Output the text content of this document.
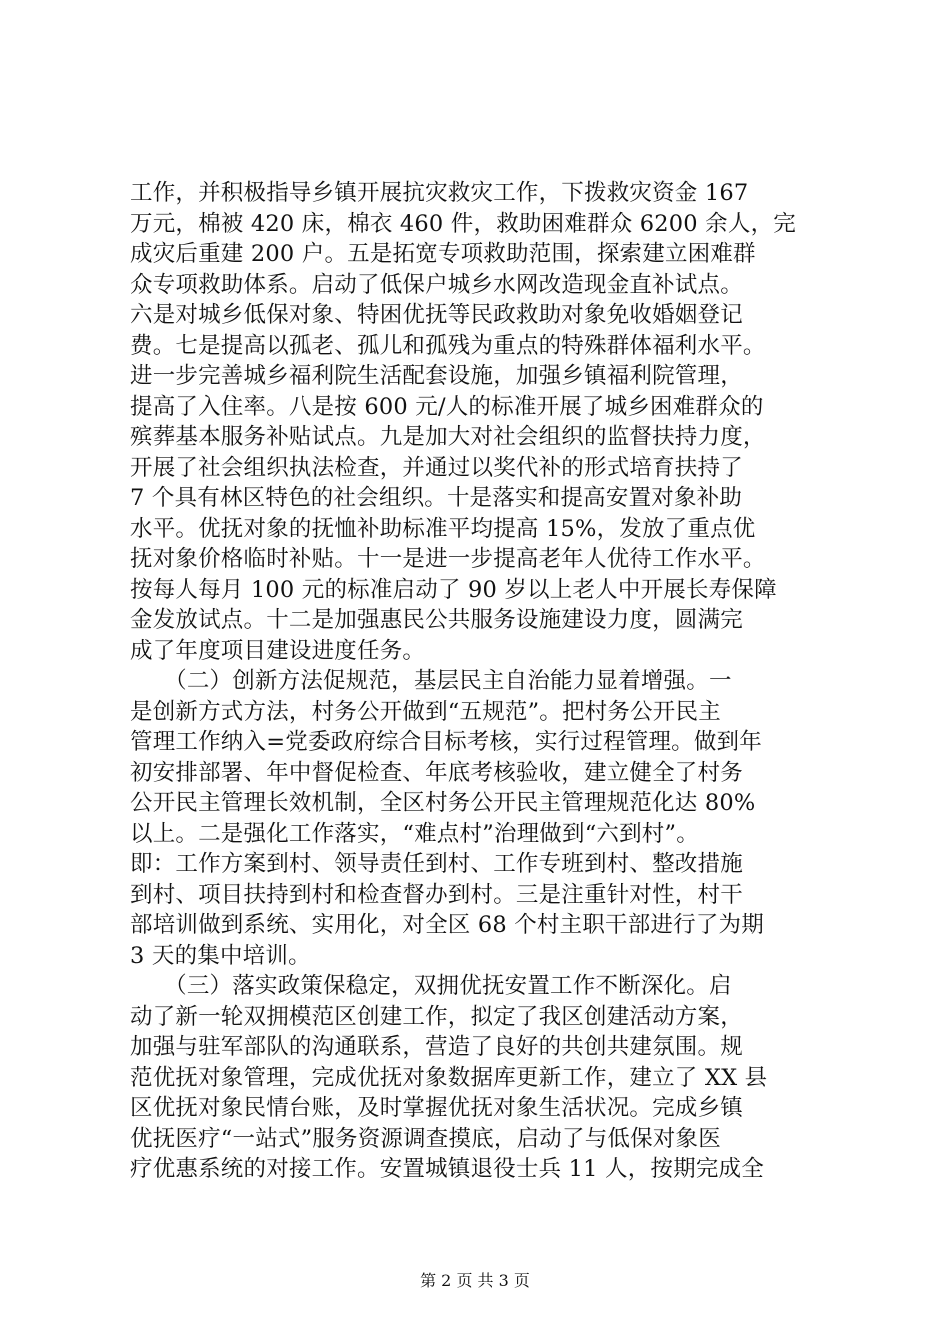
工作，并积极指导乡镇开展抗灾救灾工作，下拨救灾资金 167
万元，棉被 420 床，棉衣 460 件，救助困难群众 6200 余人，完
成灾后重建 200 户。五是拓宽专项救助范围，探索建立困难群
众专项救助体系。启动了低保户城乡水网改造现金直补试点。
六是对城乡低保对象、特困优抚等民政救助对象免收婚姻登记
费。七是提高以孤老、孤儿和孤残为重点的特殊群体福利水平。
进一步完善城乡福利院生活配套设施，加强乡镇福利院管理，
提高了入住率。八是按 600 元/人的标准开展了城乡困难群众的
殡葬基本服务补贴试点。九是加大对社会组织的监督扶持力度，
开展了社会组织执法检查，并通过以奖代补的形式培育扶持了
7 个具有林区特色的社会组织。十是落实和提高安置对象补助
水平。优抚对象的抚恤补助标准平均提高 15%，发放了重点优
抚对象价格临时补贴。十一是进一步提高老年人优待工作水平。
按每人每月 100 元的标准启动了 90 岁以上老人中开展长寿保障
金发放试点。十二是加强惠民公共服务设施建设力度，圆满完
成了年度项目建设进度任务。
　　（二）创新方法促规范，基层民主自治能力显着增强。一
是创新方式方法，村务公开做到“五规范”。把村务公开民主
管理工作纳入=党委政府综合目标考核，实行过程管理。做到年
初安排部署、年中督促检查、年底考核验收，建立健全了村务
公开民主管理长效机制，全区村务公开民主管理规范化达 80%
以上。二是强化工作落实，“难点村”治理做到“六到村”。
即：工作方案到村、领导责任到村、工作专班到村、整改措施
到村、项目扶持到村和检查督办到村。三是注重针对性，村干
部培训做到系统、实用化，对全区 68 个村主职干部进行了为期
3 天的集中培训。
　　（三）落实政策保稳定，双拥优抚安置工作不断深化。启
动了新一轮双拥模范区创建工作，拟定了我区创建活动方案，
加强与驻军部队的沟通联系，营造了良好的共创共建氛围。规
范优抚对象管理，完成优抚对象数据库更新工作，建立了 XX 县
区优抚对象民情台账，及时掌握优抚对象生活状况。完成乡镇
优抚医疗“一站式”服务资源调查摸底，启动了与低保对象医
疗优惠系统的对接工作。安置城镇退役士兵 11 人，按期完成全
第 2 页 共 3 页
